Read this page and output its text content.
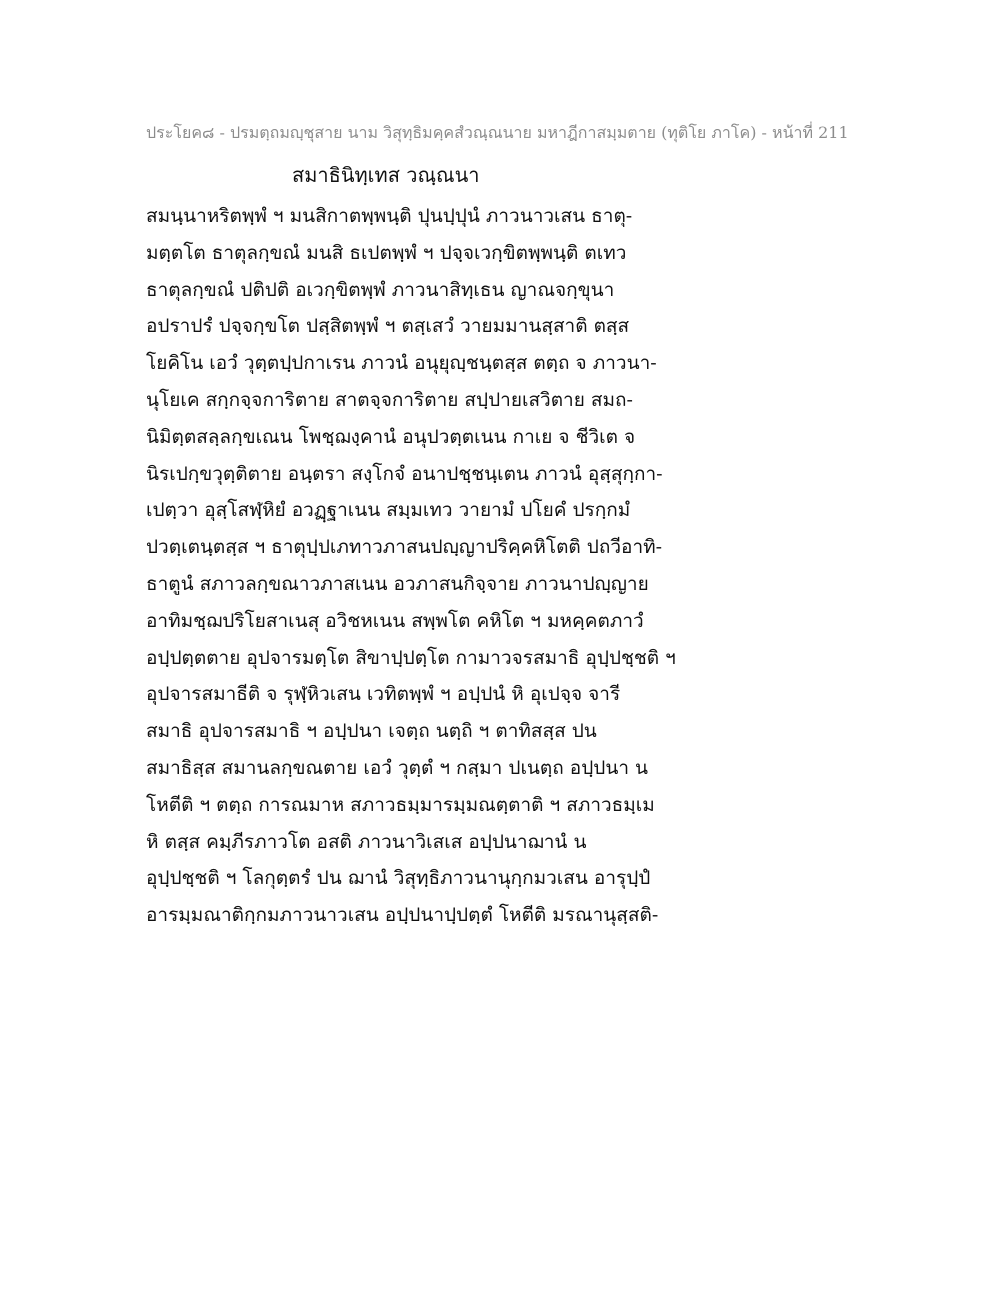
ประโยค๘ - ปรมตฺถมญฺชุสาย นาม วิสุทฺธิมคฺคสํวณฺณนาย มหาฎีกาสมฺมตาย (ทุติโย ภาโค) - หน้าที่ 211
สมาธินิทฺเทส วณฺณนา
สมนฺนาหริตพฺพํ ฯ มนสิกาตพฺพนฺติ ปุนปฺปุนํ ภาวนาวเสน ธาตุ-
มตฺตโต ธาตุลกฺขณํ มนสิ ธเปตพฺพํ ฯ ปจฺจเวกฺขิตพฺพนฺติ ตเทว
ธาตุลกฺขณํ ปติปติ อเวกฺขิตพฺพํ ภาวนาสิทฺเธน ญาณจกฺขุนา
อปราปรํ ปจฺจกฺขโต ปสฺสิตพฺพํ ฯ ตสฺเสวํ วายมมานสฺสาติ ตสฺส
โยคิโน เอวํ วุตฺตปฺปกาเรน ภาวนํ อนุยุญฺชนฺตสฺส ตตฺถ จ ภาวนา-
นุโยเค สกฺกจฺจการิตาย สาตจฺจการิตาย สปฺปายเสวิตาย สมถ-
นิมิตฺตสลฺลกฺขเณน โพชฺฌงฺคานํ อนุปวตฺตเนน กาเย จ ชีวิเต จ
นิรเปกฺขวุตฺติตาย อนฺตรา สงฺโกจํ อนาปชฺชนฺเตน ภาวนํ อุสฺสุกฺกา-
เปตฺวา อุสฺโสฬฺหิยํ อวฏฺฐาเนน สมฺมเทว วายามํ ปโยคํ ปรกฺกมํ
ปวตฺเตนฺตสฺส ฯ ธาตุปฺปเภทาวภาสนปญฺญาปริคฺคหิโตติ ปถวีอาทิ-
ธาตูนํ สภาวลกฺขณาวภาสเนน อวภาสนกิจฺจาย ภาวนาปญฺญาย
อาทิมชฺฌปริโยสาเนสุ อวิชหเนน สพฺพโต คหิโต ฯ มหคฺคตภาวํ
อปฺปตฺตตาย อุปจารมตฺโต สิขาปฺปตฺโต กามาวจรสมาธิ อุปฺปชฺชติ ฯ
อุปจารสมาธีติ จ รุฬฺหิวเสน เวทิตพฺพํ ฯ อปฺปนํ หิ อุเปจฺจ จารี
สมาธิ อุปจารสมาธิ ฯ อปฺปนา เจตฺถ นตฺถิ ฯ ตาทิสสฺส ปน
สมาธิสฺส สมานลกฺขณตาย เอวํ วุตฺตํ ฯ กสฺมา ปเนตฺถ อปฺปนา น
โหตีติ ฯ ตตฺถ การณมาห สภาวธมฺมารมฺมณตฺตาติ ฯ สภาวธมฺเม
หิ ตสฺส คมฺภีรภาวโต อสติ ภาวนาวิเสเส อปฺปนาฌานํ น
อุปฺปชฺชติ ฯ โลกุตฺตรํ ปน ฌานํ วิสุทฺธิภาวนานุกฺกมวเสน อารุปฺปํ
อารมฺมณาติกฺกมภาวนาวเสน อปฺปนาปฺปตฺตํ โหตีติ มรณานุสฺสติ-
